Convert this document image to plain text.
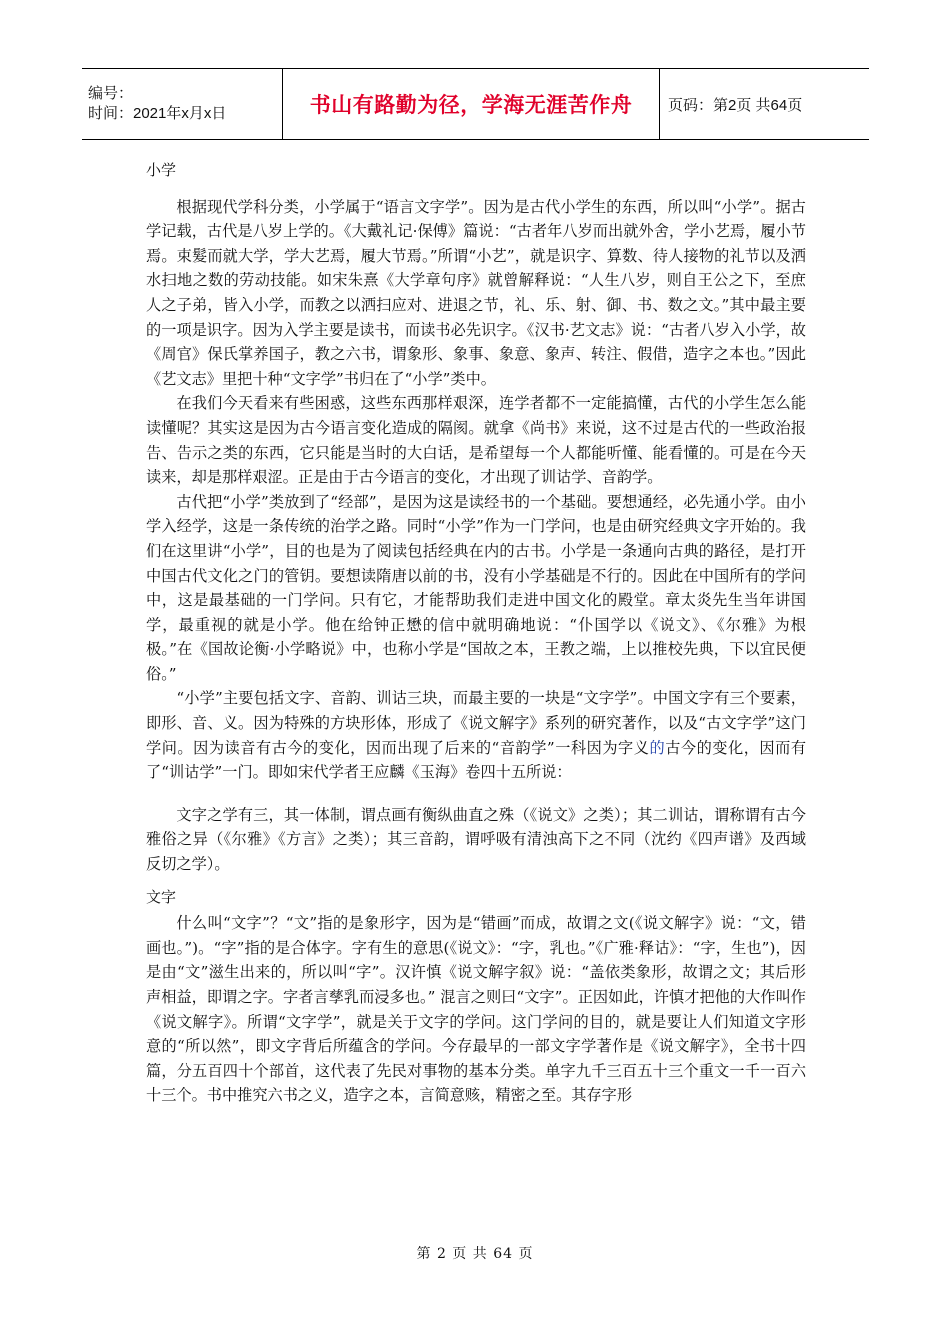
编号：
时间：2021年x月x日	书山有路勤为径，学海无涯苦作舟 页码：第2页 共64页
小学

根据现代学科分类，小学属于“语言文字学”。因为是古代小学生的东西，所以叫“小学”。据古学记载，古代是八岁上学的。《大戴礼记·保傅》篇说：“古者年八岁而出就外舍，学小艺焉，履小节焉。束髮而就大学，学大艺焉，履大节焉。”所谓“小艺”，就是识字、算数、待人接物的礼节以及洒水扫地之数的劳动技能。如宋朱熹《大学章句序》就曾解释说：“人生八岁，则自王公之下，至庶人之子弟，皆入小学，而教之以洒扫应对、进退之节，礼、乐、射、御、书、数之文。”其中最主要的一项是识字。因为入学主要是读书，而读书必先识字。《汉书·艺文志》说：“古者八岁入小学，故《周官》保氏掌养国子，教之六书，谓象形、象事、象意、象声、转注、假借，造字之本也。”因此《艺文志》里把十种“文字学”书归在了“小学”类中。

在我们今天看来有些困惑，这些东西那样艰深，连学者都不一定能搞懂，古代的小学生怎么能读懂呢？其实这是因为古今语言变化造成的隔阂。就拿《尚书》来说，这不过是古代的一些政治报告、告示之类的东西，它只能是当时的大白话，是希望每一个人都能听懂、能看懂的。可是在今天读来，却是那样艰涩。正是由于古今语言的变化，才出现了训诂学、音韵学。

古代把“小学”类放到了“经部”，是因为这是读经书的一个基础。要想通经，必先通小学。由小学入经学，这是一条传统的治学之路。同时“小学”作为一门学问，也是由研究经典文字开始的。我们在这里讲“小学”，目的也是为了阅读包括经典在内的古书。小学是一条通向古典的路径，是打开中国古代文化之门的管钥。要想读隋唐以前的书，没有小学基础是不行的。因此在中国所有的学问中，这是最基础的一门学问。只有它，才能帮助我们走进中国文化的殿堂。章太炎先生当年讲国学，最重视的就是小学。他在给钟正懋的信中就明确地说：“仆国学以《说文》、《尔雅》为根极。”在《国故论衡·小学略说》中，也称小学是“国故之本，王教之端，上以推校先典，下以宜民便俗。”

“小学”主要包括文字、音韵、训诂三块，而最主要的一块是“文字学”。中国文字有三个要素，即形、音、义。因为特殊的方块形体，形成了《说文解字》系列的研究著作，以及“古文字学”这门学问。因为读音有古今的变化，因而出现了后来的“音韵学”一科因为字义的古今的变化，因而有了“训诂学”一门。即如宋代学者王应麟《玉海》卷四十五所说：

文字之学有三，其一体制，谓点画有衡纵曲直之殊（《说文》之类）；其二训诂，谓称谓有古今雅俗之异（《尔雅》《方言》之类）；其三音韵，谓呼吸有清浊高下之不同（沈约《四声谱》及西域反切之学）。

文字

什么叫“文字”？“文”指的是象形字，因为是“错画”而成，故谓之文(《说文解字》说：“文，错画也。”)。“字”指的是合体字。字有生的意思(《说文》：“字，乳也。”《广雅·释诂》：“字，生也”)，因是由“文”滋生出来的，所以叫“字”。汉许慎《说文解字叙》说：“盖依类象形，故谓之文；其后形声相益，即谓之字。字者言孳乳而浸多也。” 混言之则曰“文字”。正因如此，许慎才把他的大作叫作《说文解字》。所谓“文字学”，就是关于文字的学问。这门学问的目的，就是要让人们知道文字形意的“所以然”，即文字背后所蕴含的学问。今存最早的一部文字学著作是《说文解字》，全书十四篇，分五百四十个部首，这代表了先民对事物的基本分类。单字九千三百五十三个重文一千一百六十三个。书中推究六书之义，造字之本，言简意赅，精密之至。其存字形

第 2 页 共 64 页
